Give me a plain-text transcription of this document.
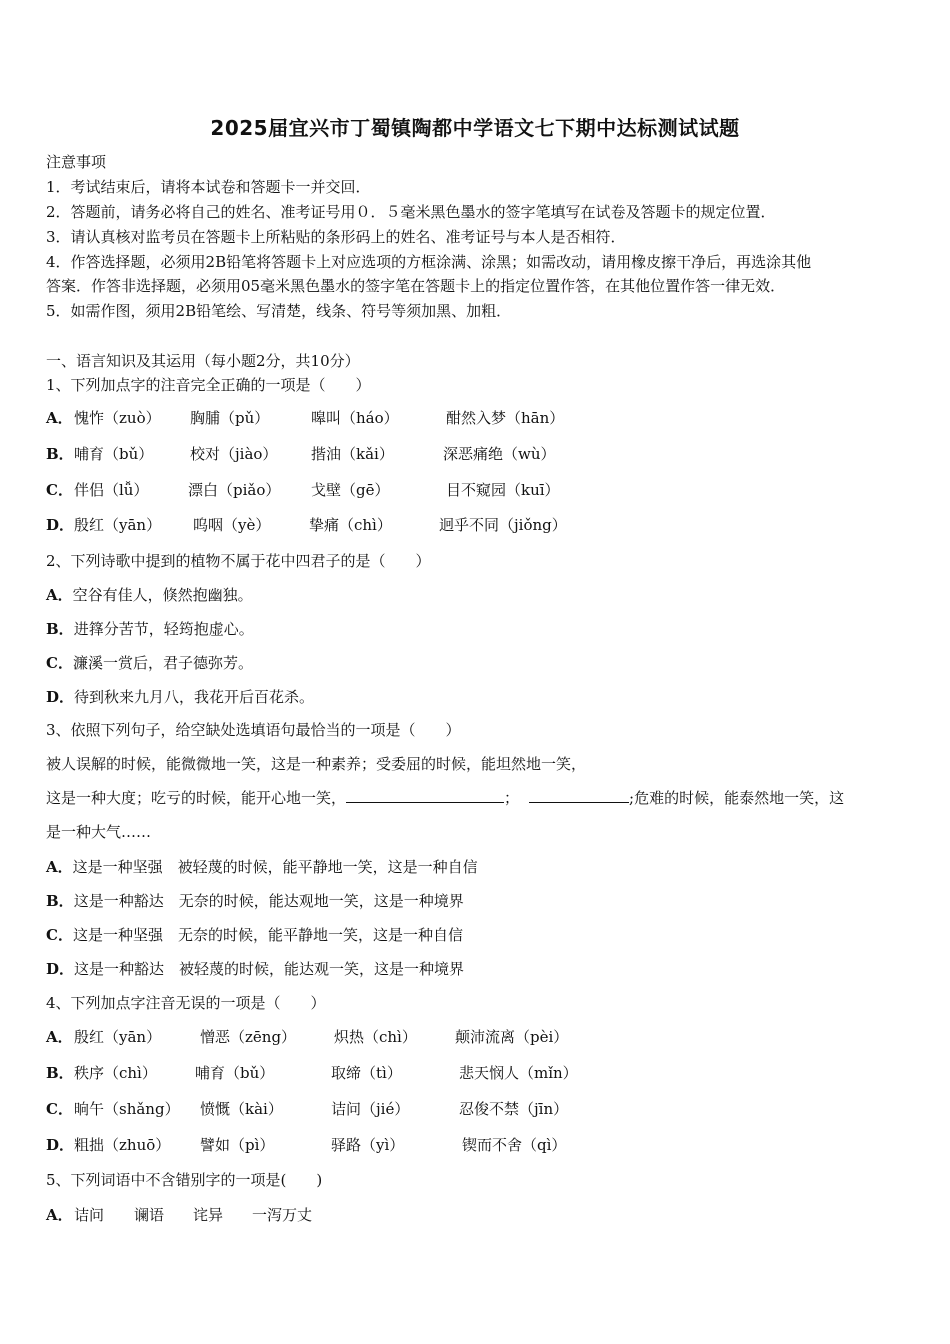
2025届宜兴市丁蜀镇陶都中学语文七下期中达标测试试题
注意事项
1．考试结束后，请将本试卷和答题卡一并交回．
2．答题前，请务必将自己的姓名、准考证号用０．５毫米黑色墨水的签字笔填写在试卷及答题卡的规定位置．
3．请认真核对监考员在答题卡上所粘贴的条形码上的姓名、准考证号与本人是否相符．
4．作答选择题，必须用2B铅笔将答题卡上对应选项的方框涂满、涂黑；如需改动，请用橡皮擦干净后，再选涂其他
答案．作答非选择题，必须用05毫米黑色墨水的签字笔在答题卡上的指定位置作答，在其他位置作答一律无效．
5．如需作图，须用2B铅笔绘、写清楚，线条、符号等须加黑、加粗．
一、语言知识及其运用（每小题2分，共10分）
1、下列加点字的注音完全正确的一项是（　　）
A． 愧怍（zuò） 胸脯（pǔ）	嗥叫（háo）	酣然入梦（hān）
B． 哺育（bǔ） 校对（jiào） 揩油（kǎi）	深恶痛绝（wù）
C． 伴侣（lǚ）	漂白（piǎo） 戈壁（gē）	目不窥园（kuī）
D． 殷红（yān） 呜咽（yè）	挚痛（chì）	迥乎不同（jiǒng）
2、下列诗歌中提到的植物不属于花中四君子的是（　　）
A．空谷有佳人，倏然抱幽独。
B．进箨分苦节，轻筠抱虚心。
C．濂溪一赏后，君子德弥芳。
D．待到秋来九月八，我花开后百花杀。
3、依照下列句子，给空缺处选填语句最恰当的一项是（　　）
被人误解的时候，能微微地一笑，这是一种素养；受委屈的时候，能坦然地一笑，
这是一种大度；吃亏的时候，能开心地一笑，	；	;危难的时候，能泰然地一笑，这
是一种大气……
A．这是一种坚强　被轻蔑的时候，能平静地一笑，这是一种自信
B．这是一种豁达　无奈的时候，能达观地一笑，这是一种境界
C．这是一种坚强　无奈的时候，能平静地一笑，这是一种自信
D．这是一种豁达　被轻蔑的时候，能达观一笑，这是一种境界
4、下列加点字注音无误的一项是（　　）
A． 殷红（yān）	憎恶（zēng）	炽热（chì）	颠沛流离（pèi）
B． 秩序（chì）	哺育（bǔ）	取缔（tì）	悲天悯人（mǐn）
C． 晌午（shǎng） 愤慨（kài）	诘问（jié）	忍俊不禁（jīn）
D． 粗拙（zhuō） 譬如（pì）	驿路（yì）	锲而不舍（qì）
5、下列词语中不含错别字的一项是(　　)
A． 诘问 谰语 诧异 一泻万丈
